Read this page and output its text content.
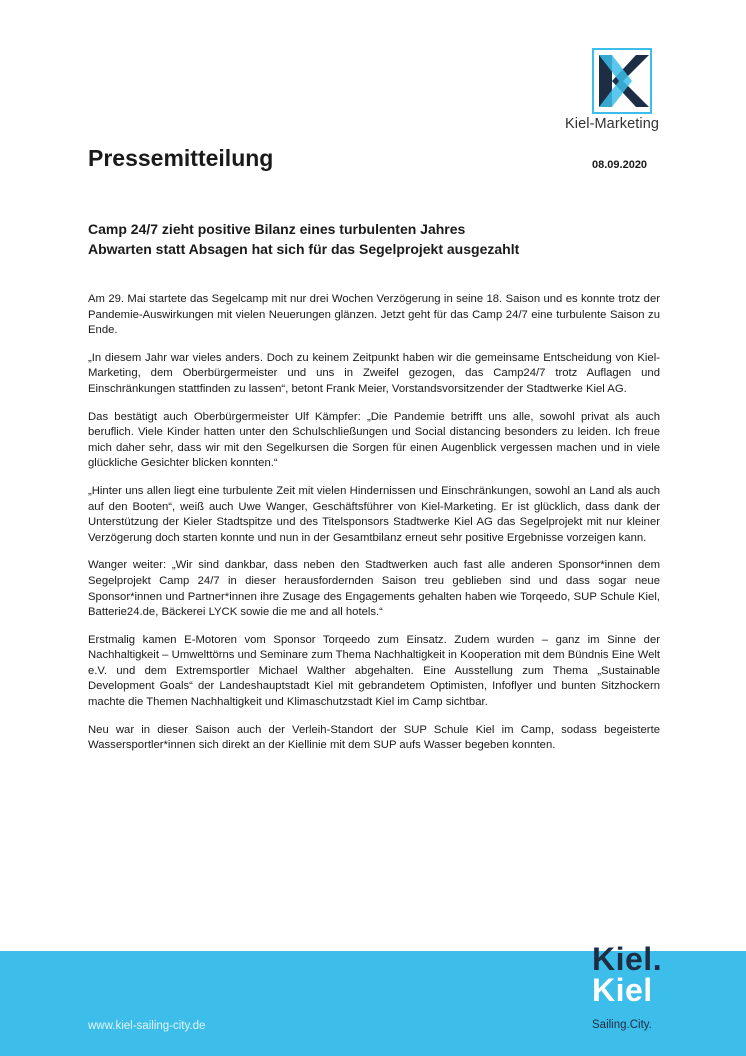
Kiel-Marketing
Pressemitteilung	08.09.2020

Camp 24/7 zieht positive Bilanz eines turbulenten Jahres

Abwarten statt Absagen hat sich für das Segelprojekt ausgezahlt

Am 29. Mai startete das Segelcamp mit nur drei Wochen Verzögerung in seine 18. Saison und es konnte trotz der Pandemie-Auswirkungen mit vielen Neuerungen glänzen. Jetzt geht für das Camp 24/7 eine turbulente Saison zu Ende.

„In diesem Jahr war vieles anders. Doch zu keinem Zeitpunkt haben wir die gemeinsame Entscheidung von Kiel-Marketing, dem Oberbürgermeister und uns in Zweifel gezogen, das Camp24/7 trotz Auflagen und Einschränkungen stattfinden zu lassen“, betont Frank Meier, Vorstandsvorsitzender der Stadtwerke Kiel AG.

Das bestätigt auch Oberbürgermeister Ulf Kämpfer: „Die Pandemie betrifft uns alle, sowohl privat als auch beruflich. Viele Kinder hatten unter den Schulschließungen und Social distancing besonders zu leiden. Ich freue mich daher sehr, dass wir mit den Segelkursen die Sorgen für einen Augenblick vergessen machen und in viele glückliche Gesichter blicken konnten.“

„Hinter uns allen liegt eine turbulente Zeit mit vielen Hindernissen und Einschränkungen, sowohl an Land als auch auf den Booten“, weiß auch Uwe Wanger, Geschäftsführer von Kiel-Marketing. Er ist glücklich, dass dank der Unterstützung der Kieler Stadtspitze und des Titelsponsors Stadtwerke Kiel AG das Segelprojekt mit nur kleiner Verzögerung doch starten konnte und nun in der Gesamtbilanz erneut sehr positive Ergebnisse vorzeigen kann.

Wanger weiter: „Wir sind dankbar, dass neben den Stadtwerken auch fast alle anderen Sponsor*innen dem Segelprojekt Camp 24/7 in dieser herausfordernden Saison treu geblieben sind und dass sogar neue Sponsor*innen und Partner*innen ihre Zusage des Engagements gehalten haben wie Torqeedo, SUP Schule Kiel, Batterie24.de, Bäckerei LYCK sowie die me and all hotels.“

Erstmalig kamen E-Motoren vom Sponsor Torqeedo zum Einsatz. Zudem wurden – ganz im Sinne der Nachhaltigkeit – Umwelttörns und Seminare zum Thema Nachhaltigkeit in Kooperation mit dem Bündnis Eine Welt e.V. und dem Extremsportler Michael Walther abgehalten. Eine Ausstellung zum Thema „Sustainable Development Goals“ der Landeshauptstadt Kiel mit gebrandetem Optimisten, Infoflyer und bunten Sitzhockern machte die Themen Nachhaltigkeit und Klimaschutzstadt Kiel im Camp sichtbar.

Neu war in dieser Saison auch der Verleih-Standort der SUP Schule Kiel im Camp, sodass begeisterte Wassersportler*innen sich direkt an der Kiellinie mit dem SUP aufs Wasser begeben konnten.

www.kiel-sailing-city.de
Kiel.
Kiel
Sailing.City.
